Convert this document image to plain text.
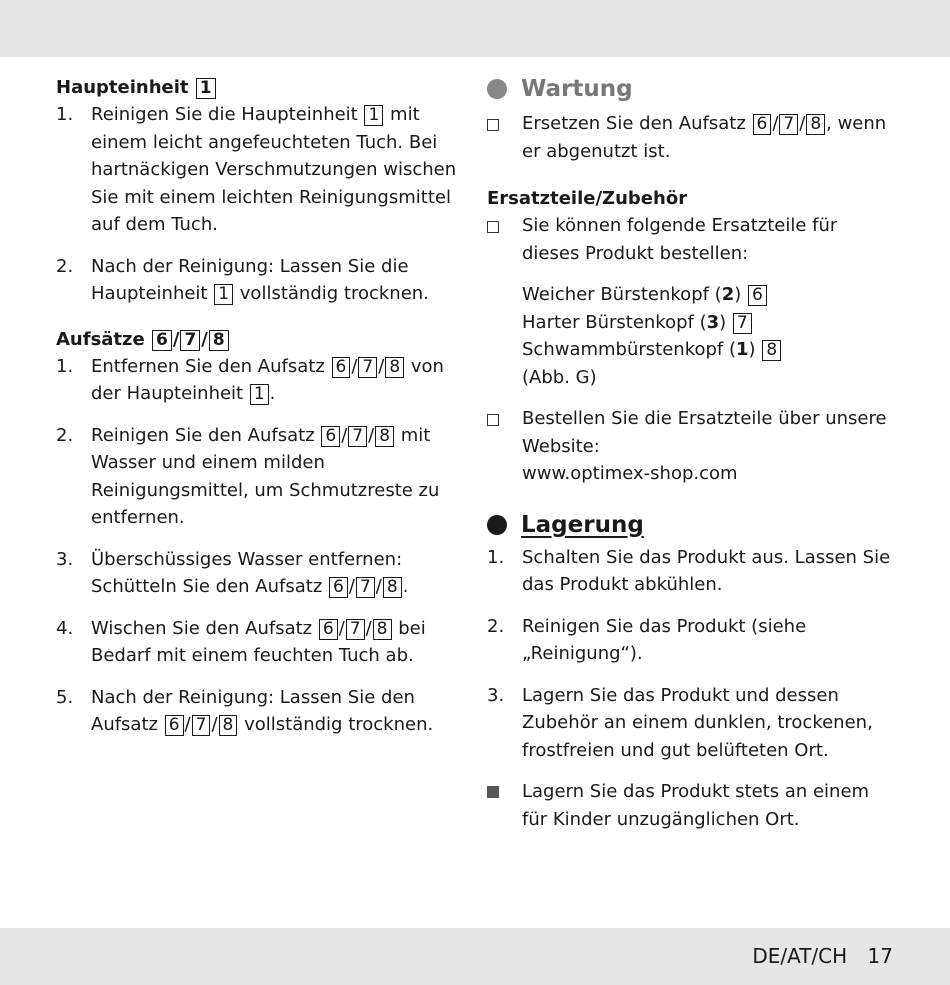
Haupteinheit 1

1. Reinigen Sie die Haupteinheit 1 mit einem leicht angefeuchteten Tuch. Bei hartnäckigen Verschmutzungen wischen Sie mit einem leichten Reinigungsmittel auf dem Tuch.
2. Nach der Reinigung: Lassen Sie die Haupteinheit 1 vollständig trocknen.

Aufsätze 6 / 7 / 8

1. Entfernen Sie den Aufsatz 6 / 7 / 8 von der Haupteinheit 1 .
2. Reinigen Sie den Aufsatz 6 / 7 / 8 mit Wasser und einem milden Reinigungsmittel, um Schmutzreste zu entfernen.
3. Überschüssiges Wasser entfernen: Schütteln Sie den Aufsatz 6 / 7 / 8 .
4. Wischen Sie den Aufsatz 6 / 7 / 8 bei Bedarf mit einem feuchten Tuch ab.
5. Nach der Reinigung: Lassen Sie den Aufsatz 6 / 7 / 8 vollständig trocknen.

Wartung

Ersetzen Sie den Aufsatz 6 / 7 / 8 , wenn er abgenutzt ist.

Ersatzteile/Zubehör

Sie können folgende Ersatzteile für dieses Produkt bestellen:
Weicher Bürstenkopf (2) 6
Harter Bürstenkopf (3) 7
Schwammbürstenkopf (1) 8
(Abb. G)
Bestellen Sie die Ersatzteile über unsere Website:
www.optimex-shop.com

Lagerung

1. Schalten Sie das Produkt aus. Lassen Sie das Produkt abkühlen.
2. Reinigen Sie das Produkt (siehe „Reinigung“).
3. Lagern Sie das Produkt und dessen Zubehör an einem dunklen, trockenen, frostfreien und gut belüfteten Ort.
Lagern Sie das Produkt stets an einem für Kinder unzugänglichen Ort.
DE/AT/CH 17
